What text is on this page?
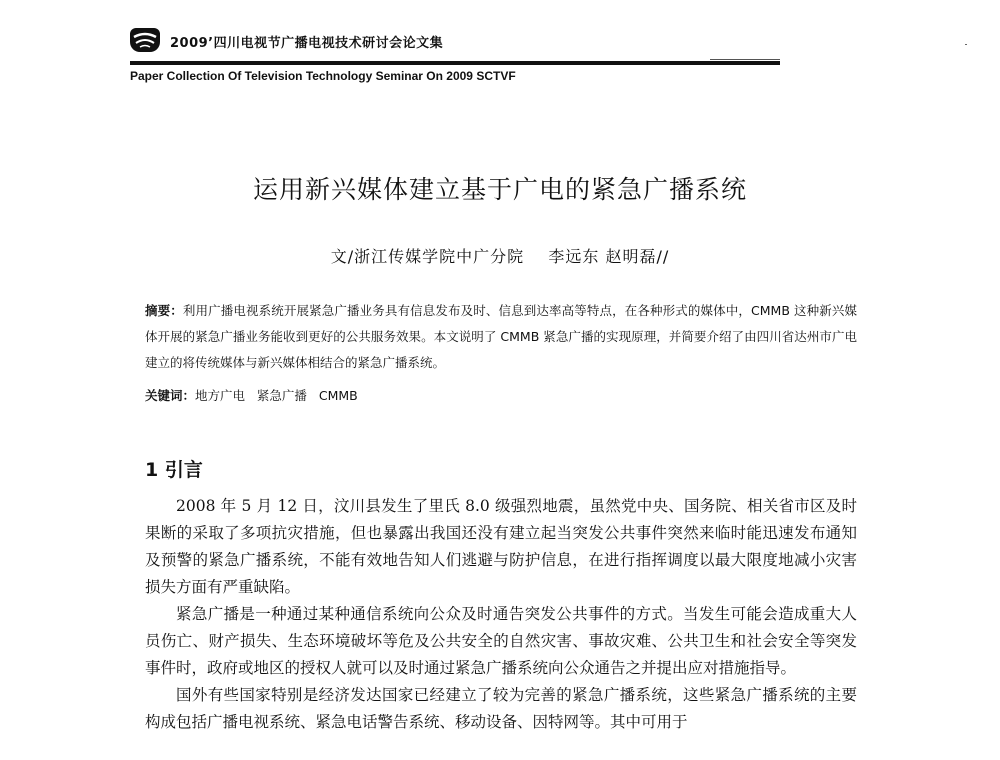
2009’四川电视节广播电视技术研讨会论文集
Paper Collection Of Television Technology Seminar On 2009 SCTVF
运用新兴媒体建立基于广电的紧急广播系统
文/浙江传媒学院中广分院    李远东 赵明磊//
摘要：利用广播电视系统开展紧急广播业务具有信息发布及时、信息到达率高等特点，在各种形式的媒体中，CMMB 这种新兴媒体开展的紧急广播业务能收到更好的公共服务效果。本文说明了 CMMB 紧急广播的实现原理，并简要介绍了由四川省达州市广电建立的将传统媒体与新兴媒体相结合的紧急广播系统。
关键词：地方广电   紧急广播   CMMB
1 引言

2008 年 5 月 12 日，汶川县发生了里氏 8.0 级强烈地震，虽然党中央、国务院、相关省市区及时果断的采取了多项抗灾措施，但也暴露出我国还没有建立起当突发公共事件突然来临时能迅速发布通知及预警的紧急广播系统，不能有效地告知人们逃避与防护信息，在进行指挥调度以最大限度地减小灾害损失方面有严重缺陷。

紧急广播是一种通过某种通信系统向公众及时通告突发公共事件的方式。当发生可能会造成重大人员伤亡、财产损失、生态环境破坏等危及公共安全的自然灾害、事故灾难、公共卫生和社会安全等突发事件时，政府或地区的授权人就可以及时通过紧急广播系统向公众通告之并提出应对措施指导。

国外有些国家特别是经济发达国家已经建立了较为完善的紧急广播系统，这些紧急广播系统的主要构成包括广播电视系统、紧急电话警告系统、移动设备、因特网等。其中可用于
